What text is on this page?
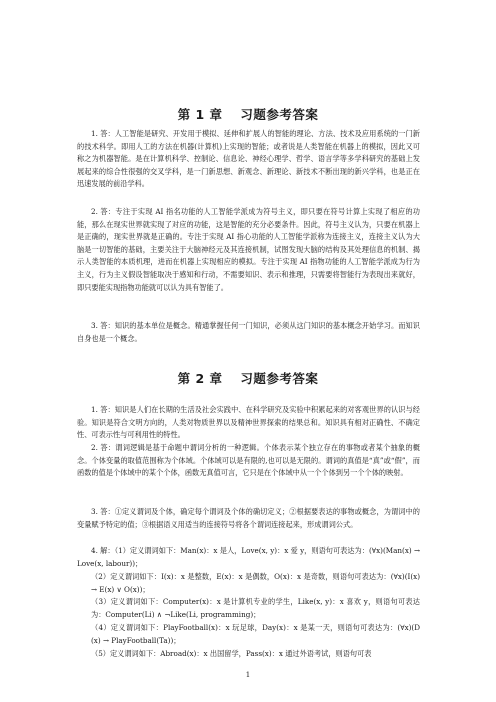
第 1 章　 习题参考答案

1. 答：人工智能是研究、开发用于模拟、延伸和扩展人的智能的理论、方法、技术及应用系统的一门新的技术科学。即用人工的方法在机器(计算机)上实现的智能；或者说是人类智能在机器上的模拟，因此又可称之为机器智能。是在计算机科学、控制论、信息论、神经心理学、哲学、语言学等多学科研究的基础上发展起来的综合性很强的交叉学科，是一门新思想、新观念、新理论、新技术不断出现的新兴学科，也是正在迅速发展的前沿学科。

2. 答：专注于实现 AI 指名功能的人工智能学派成为符号主义，即只要在符号计算上实现了相应的功能，那么在现实世界就实现了对应的功能，这是智能的充分必要条件。因此，符号主义认为，只要在机器上是正确的，现实世界就是正确的。专注于实现 AI 指心功能的人工智能学派称为连接主义，连接主义认为大脑是一切智能的基础，主要关注于大脑神经元及其连接机制，试图发现大脑的结构及其处理信息的机制、揭示人类智能的本质机理，进而在机器上实现相应的模拟。专注于实现 AI 指物功能的人工智能学派成为行为主义，行为主义假设智能取决于感知和行动，不需要知识、表示和推理，只需要将智能行为表现出来就好，即只要能实现指物功能就可以认为具有智能了。

3. 答：知识的基本单位是概念。精通掌握任何一门知识，必须从这门知识的基本概念开始学习。而知识自身也是一个概念。

第 2 章　 习题参考答案

1. 答：知识是人们在长期的生活及社会实践中、在科学研究及实验中积累起来的对客观世界的认识与经验。知识是符合文明方向的，人类对物质世界以及精神世界探索的结果总和。知识具有相对正确性、不确定性、可表示性与可利用性的特性。

2. 答：谓词逻辑是基于命题中谓词分析的一种逻辑。个体表示某个独立存在的事物或者某个抽象的概念。个体变量的取值范围称为个体域。个体域可以是有限的,也可以是无限的。谓词的真值是“真”或“假”，而函数的值是个体域中的某个个体，函数无真值可言，它只是在个体域中从一个个体到另一个个体的映射。

3. 答：①定义谓词及个体，确定每个谓词及个体的确切定义；②根据要表达的事物或概念，为谓词中的变量赋予特定的值；③根据语义用适当的连接符号将各个谓词连接起来，形成谓词公式。

4. 解：（1）定义谓词如下：Man(x)：x 是人，Love(x, y)：x 爱 y，则语句可表达为：(∀x)(Man(x) → Love(x, labour))；

（2）定义谓词如下：I(x)：x 是整数，E(x)：x 是偶数，O(x)：x 是奇数，则语句可表达为：(∀x)(I(x) → E(x) ∨ O(x))；

（3）定义谓词如下：Computer(x)：x 是计算机专业的学生，Like(x, y)：x 喜欢 y，则语句可表达为：Computer(Li) ∧ ¬Like(Li, programming)；

（4）定义谓词如下：PlayFootball(x)：x 玩足球，Day(x)：x 是某一天，则语句可表达为：(∀x)(D(x) → PlayFootball(Ta))；

（5）定义谓词如下：Abroad(x)：x 出国留学，Pass(x)：x 通过外语考试，则语句可表

1
